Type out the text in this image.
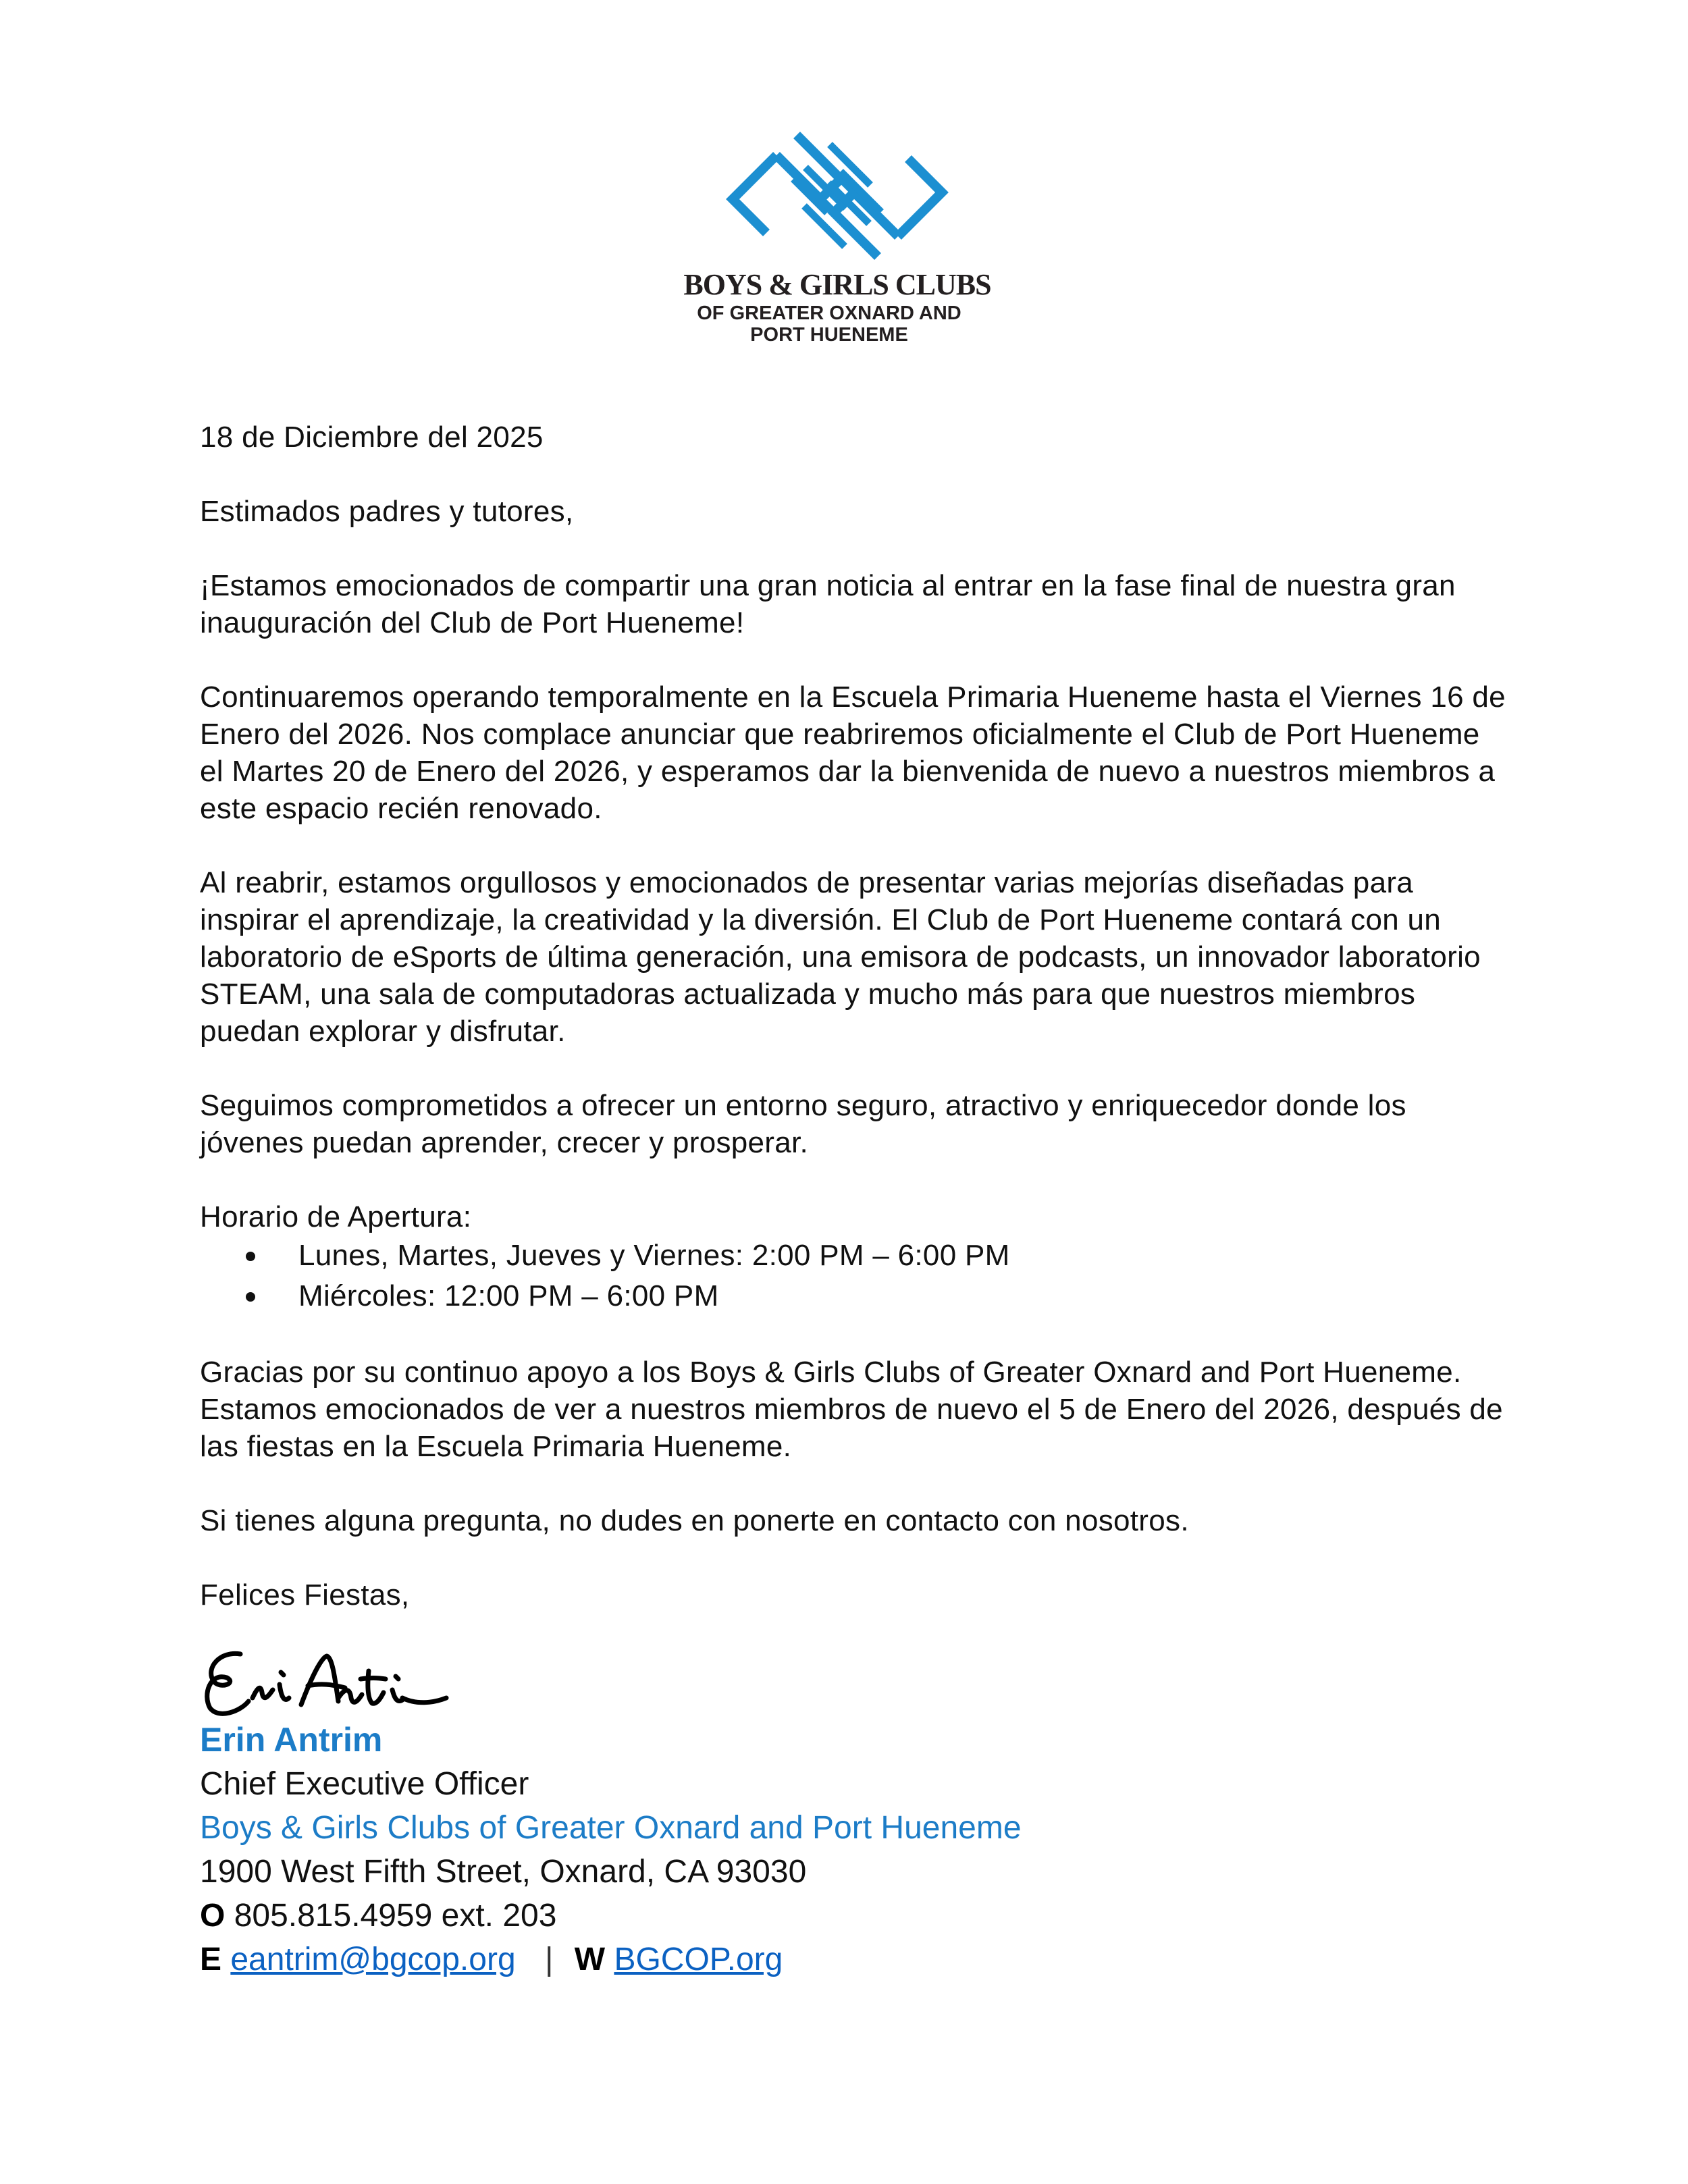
BOYS & GIRLS CLUBS
OF GREATER OXNARD AND
PORT HUENEME

18 de Diciembre del 2025

Estimados padres y tutores,

¡Estamos emocionados de compartir una gran noticia al entrar en la fase final de nuestra gran inauguración del Club de Port Hueneme!

Continuaremos operando temporalmente en la Escuela Primaria Hueneme hasta el Viernes 16 de Enero del 2026. Nos complace anunciar que reabriremos oficialmente el Club de Port Hueneme el Martes 20 de Enero del 2026, y esperamos dar la bienvenida de nuevo a nuestros miembros a este espacio recién renovado.

Al reabrir, estamos orgullosos y emocionados de presentar varias mejorías diseñadas para inspirar el aprendizaje, la creatividad y la diversión. El Club de Port Hueneme contará con un laboratorio de eSports de última generación, una emisora de podcasts, un innovador laboratorio STEAM, una sala de computadoras actualizada y mucho más para que nuestros miembros puedan explorar y disfrutar.

Seguimos comprometidos a ofrecer un entorno seguro, atractivo y enriquecedor donde los jóvenes puedan aprender, crecer y prosperar.

Horario de Apertura:

Lunes, Martes, Jueves y Viernes: 2:00 PM – 6:00 PM
Miércoles: 12:00 PM – 6:00 PM

Gracias por su continuo apoyo a los Boys & Girls Clubs of Greater Oxnard and Port Hueneme. Estamos emocionados de ver a nuestros miembros de nuevo el 5 de Enero del 2026, después de las fiestas en la Escuela Primaria Hueneme.

Si tienes alguna pregunta, no dudes en ponerte en contacto con nosotros.

Felices Fiestas,

Erin Antrim
Chief Executive Officer
Boys & Girls Clubs of Greater Oxnard and Port Hueneme
1900 West Fifth Street, Oxnard, CA 93030
O 805.815.4959 ext. 203
E eantrim@bgcop.org | W BGCOP.org
